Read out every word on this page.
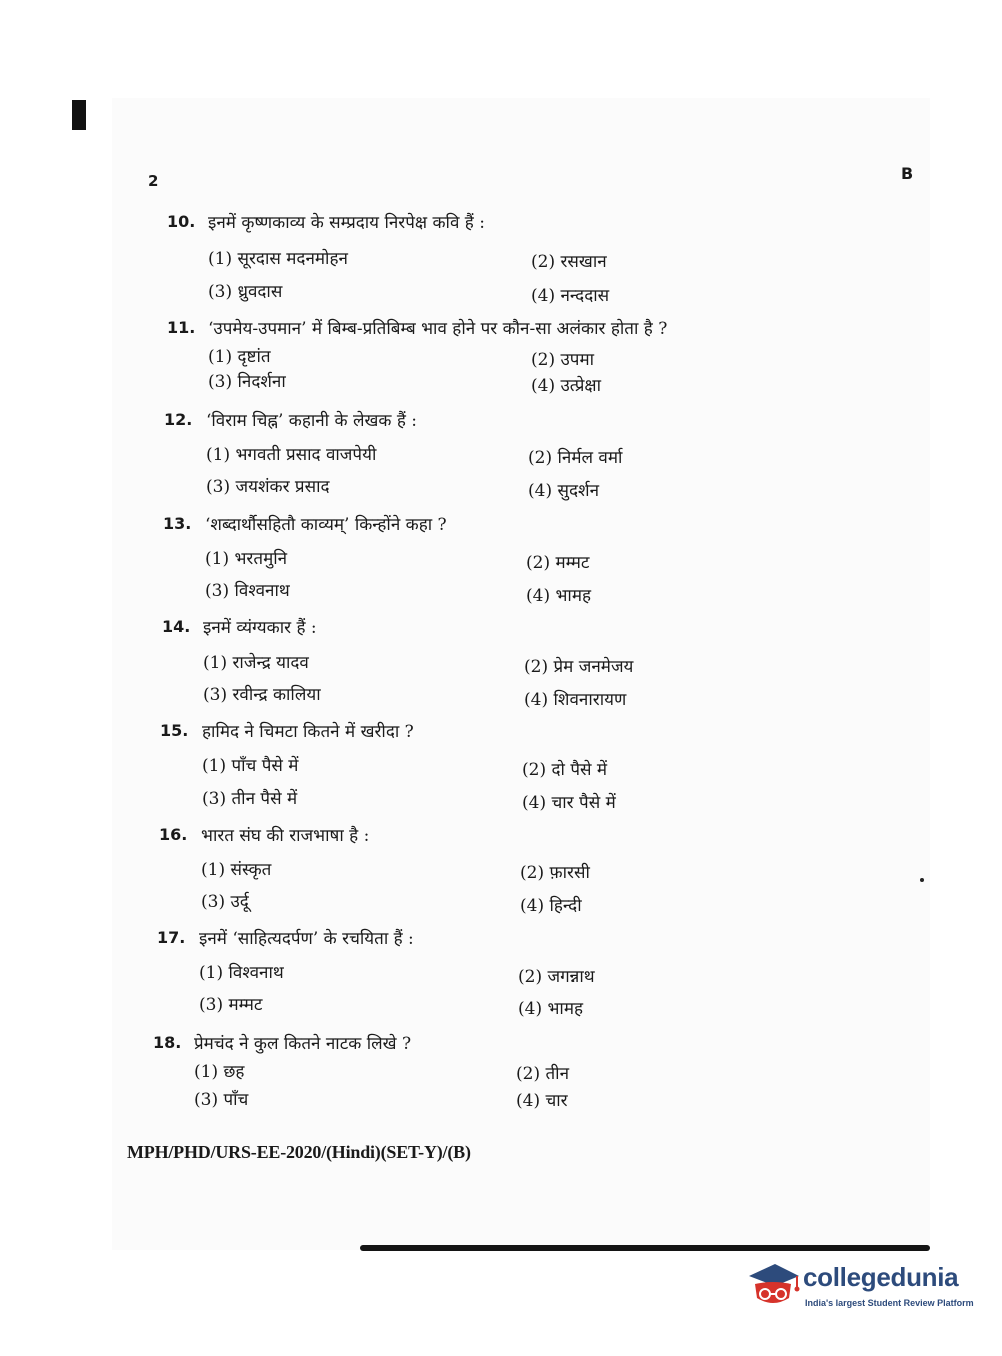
2	B
10. इनमें कृष्णकाव्य के सम्प्रदाय निरपेक्ष कवि हैं :
(1) सूरदास मदनमोहन	(2) रसखान
(3) ध्रुवदास	(4) नन्ददास
11. ‘उपमेय-उपमान’ में बिम्ब-प्रतिबिम्ब भाव होने पर कौन-सा अलंकार होता है ?
(1) दृष्टांत	(2) उपमा
(3) निदर्शना	(4) उत्प्रेक्षा
12. ‘विराम चिह्न’ कहानी के लेखक हैं :
(1) भगवती प्रसाद वाजपेयी	(2) निर्मल वर्मा
(3) जयशंकर प्रसाद	(4) सुदर्शन
13. ‘शब्दार्थौसहितौ काव्यम्’ किन्होंने कहा ?
(1) भरतमुनि	(2) मम्मट
(3) विश्वनाथ	(4) भामह
14. इनमें व्यंग्यकार हैं :
(1) राजेन्द्र यादव	(2) प्रेम जनमेजय
(3) रवीन्द्र कालिया	(4) शिवनारायण
15. हामिद ने चिमटा कितने में खरीदा ?
(1) पाँच पैसे में	(2) दो पैसे में
(3) तीन पैसे में	(4) चार पैसे में
16. भारत संघ की राजभाषा है :
(1) संस्कृत	(2) फ़ारसी
(3) उर्दू	(4) हिन्दी
17. इनमें ‘साहित्यदर्पण’ के रचयिता हैं :
(1) विश्वनाथ	(2) जगन्नाथ
(3) मम्मट	(4) भामह
18. प्रेमचंद ने कुल कितने नाटक लिखे ?
(1) छह	(2) तीन
(3) पाँच	(4) चार
MPH/PHD/URS-EE-2020/(Hindi)(SET-Y)/(B)
collegedunia
India's largest Student Review Platform
